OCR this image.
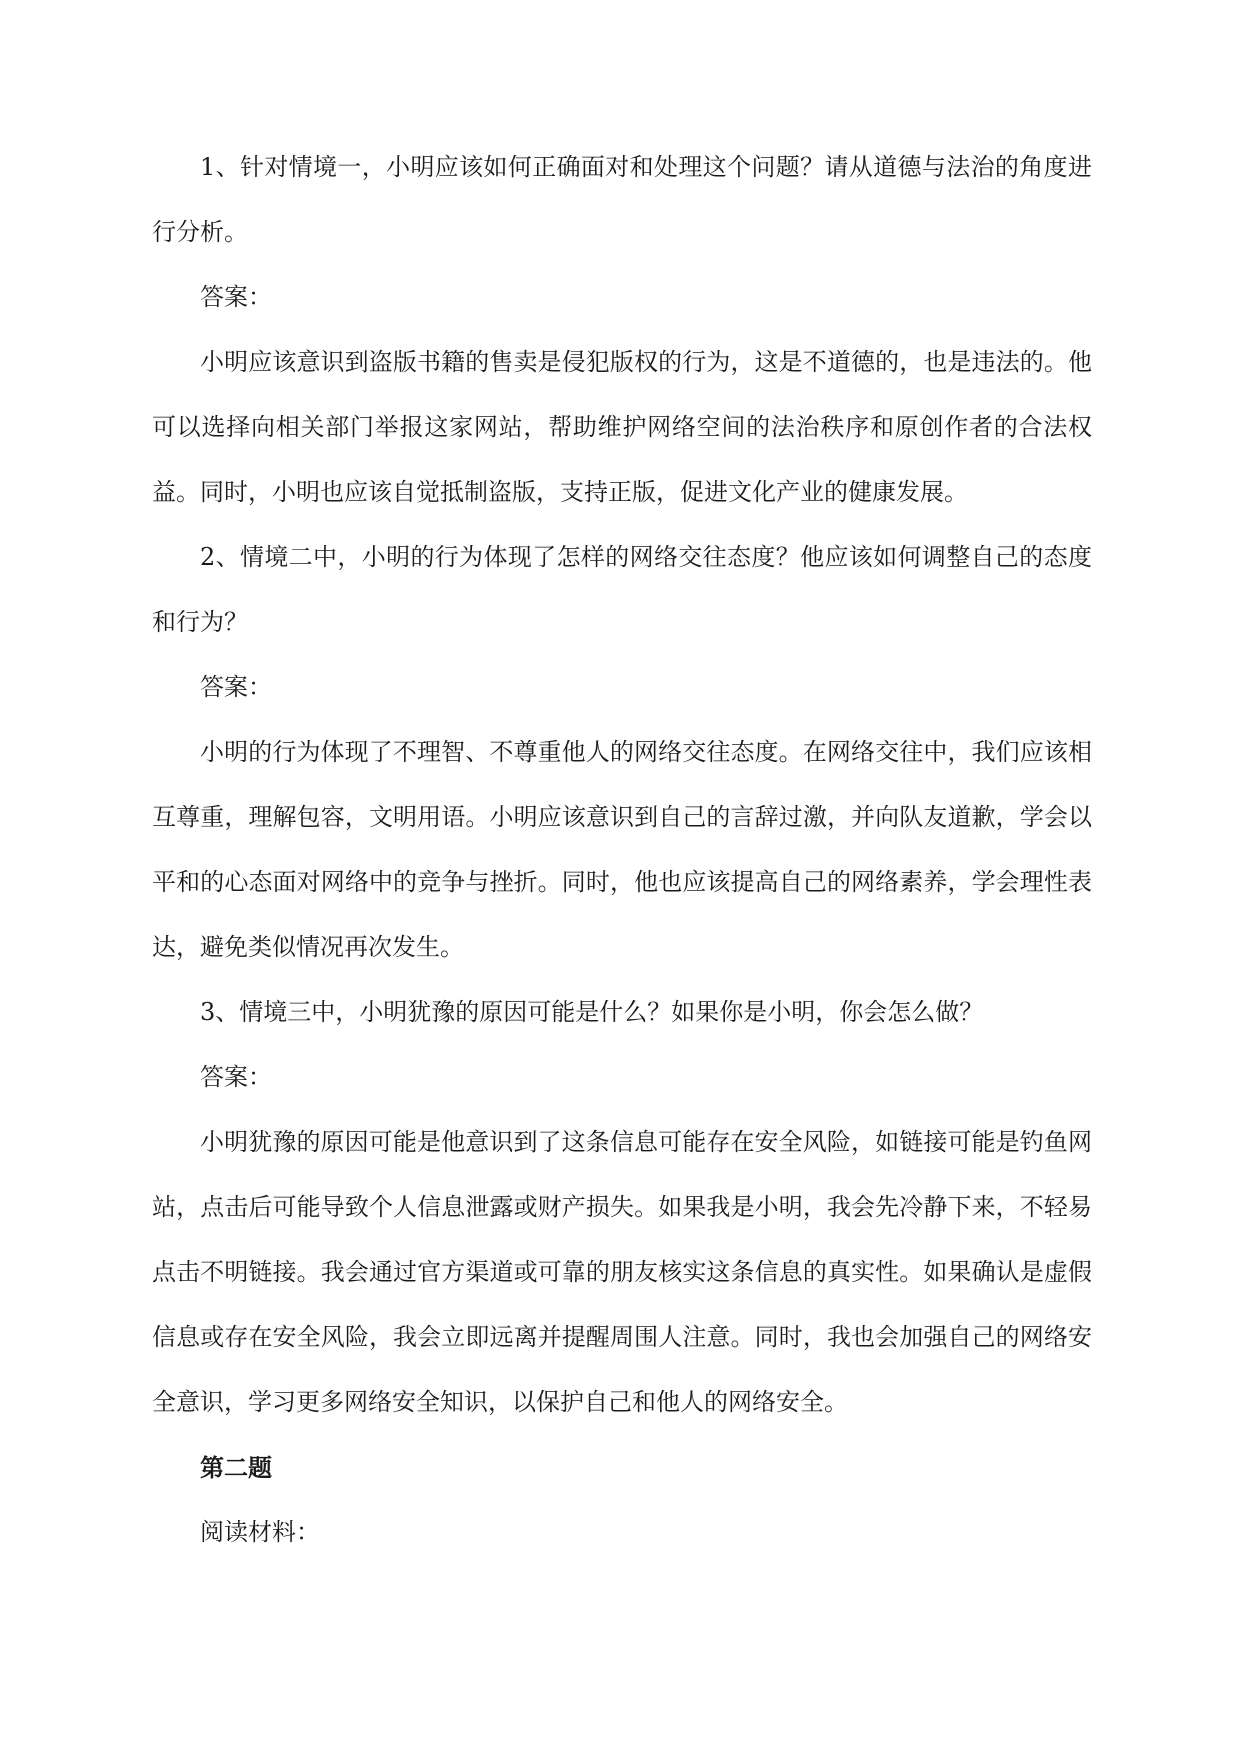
1、针对情境一，小明应该如何正确面对和处理这个问题？请从道德与法治的角度进行分析。

答案：

小明应该意识到盗版书籍的售卖是侵犯版权的行为，这是不道德的，也是违法的。他可以选择向相关部门举报这家网站，帮助维护网络空间的法治秩序和原创作者的合法权益。同时，小明也应该自觉抵制盗版，支持正版，促进文化产业的健康发展。

2、情境二中，小明的行为体现了怎样的网络交往态度？他应该如何调整自己的态度和行为？

答案：

小明的行为体现了不理智、不尊重他人的网络交往态度。在网络交往中，我们应该相互尊重，理解包容，文明用语。小明应该意识到自己的言辞过激，并向队友道歉，学会以平和的心态面对网络中的竞争与挫折。同时，他也应该提高自己的网络素养，学会理性表达，避免类似情况再次发生。

3、情境三中，小明犹豫的原因可能是什么？如果你是小明，你会怎么做？

答案：

小明犹豫的原因可能是他意识到了这条信息可能存在安全风险，如链接可能是钓鱼网站，点击后可能导致个人信息泄露或财产损失。如果我是小明，我会先冷静下来，不轻易点击不明链接。我会通过官方渠道或可靠的朋友核实这条信息的真实性。如果确认是虚假信息或存在安全风险，我会立即远离并提醒周围人注意。同时，我也会加强自己的网络安全意识，学习更多网络安全知识，以保护自己和他人的网络安全。

第二题

阅读材料：
